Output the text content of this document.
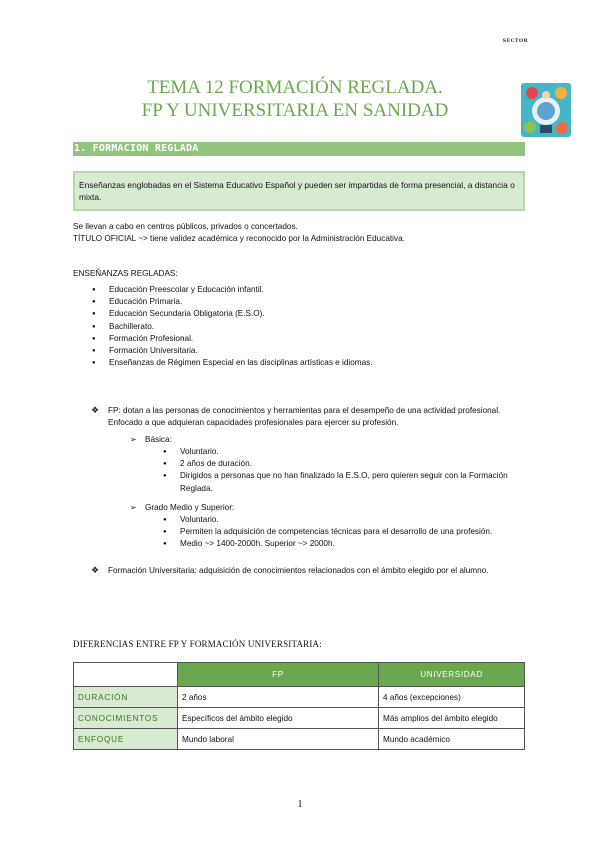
SECTOR
TEMA 12 FORMACIÓN REGLADA.
FP Y UNIVERSITARIA EN SANIDAD
1. FORMACION REGLADA
Enseñanzas englobadas en el Sistema Educativo Español y pueden ser impartidas de forma presencial, a distancia o mixta.
Se llevan a cabo en centros públicos, privados o concertados.
TÍTULO OFICIAL ~> tiene validez académica y reconocido por la Administración Educativa.
ENSEÑANZAS REGLADAS:
● Educación Preescolar y Educación infantil.
● Educación Primaria.
● Educación Secundaria Obligatoria (E.S.O).
● Bachillerato.
● Formación Profesional.
● Formación Universitaria.
● Enseñanzas de Régimen Especial en las disciplinas artísticas e idiomas.
❖ FP: dotan a las personas de conocimientos y herramientas para el desempeño de una actividad profesional. Enfocado a que adquieran capacidades profesionales para ejercer su profesión.
➢ Básica:
● Voluntario.
● 2 años de duración.
● Dirigidos a personas que no han finalizado la E.S.O, pero quieren seguir con la Formación Reglada.
➢ Grado Medio y Superior:
● Voluntario.
● Permiten la adquisición de competencias técnicas para el desarrollo de una profesión.
● Medio ~> 1400-2000h. Superior ~> 2000h.
❖ Formación Universitaria: adquisición de conocimientos relacionados con el ámbito elegido por el alumno.
DIFERENCIAS ENTRE FP Y FORMACIÓN UNIVERSITARIA:
	FP	UNIVERSIDAD
DURACIÓN	2 años	4 años (excepciones)
CONOCIMIENTOS	Específicos del ámbito elegido	Más amplios del ámbito elegido
ENFOQUE	Mundo laboral	Mundo académico
1
